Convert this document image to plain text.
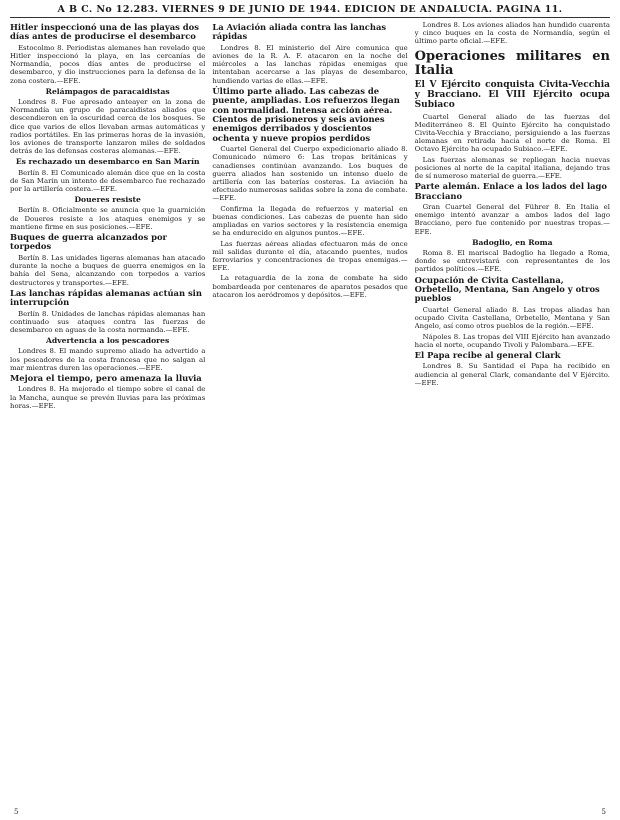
A B C. No 12.283. VIERNES 9 DE JUNIO DE 1944. EDICIÓN DE ANDALUCÍA. PAGINA 11.
Hitler inspeccionó una de las playas dos días antes de producirse el desembarco

Estocolmo 8. Periodistas alemanes han revelado que Hitler inspeccionó la playa, en las cercanías de Normandía, pocos días antes de producirse el desembarco, y dio instrucciones para la defensa de la zona costera.—EFE.

Relámpagos de paracaidistas

Londres 8. Fue apresado anteayer en la zona de Normandía un grupo de paracaidistas aliados que descendieron en la oscuridad cerca de los bosques. Se dice que varios de ellos llevaban armas automáticas y radios portátiles. En las primeras horas de la invasión, los aviones de transporte lanzaron miles de soldados detrás de las defensas costeras alemanas.—EFE.

Es rechazado un desembarco en San Marín

Berlín 8. El Comunicado alemán dice que en la costa de San Marín un intento de desembarco fue rechazado por la artillería costera.—EFE.

Doueres resiste

Berlín 8. Oficialmente se anuncia que la guarnición de Doueres resiste a los ataques enemigos y se mantiene firme en sus posiciones.—EFE.

Buques de guerra alcanzados por torpedos

Berlín 8. Las unidades ligeras alemanas han atacado durante la noche a buques de guerra enemigos en la bahía del Sena, alcanzando con torpedos a varios destructores y transportes.—EFE.

Las lanchas rápidas alemanas actúan sin interrupción

Berlín 8. Unidades de lanchas rápidas alemanas han continuado sus ataques contra las fuerzas de desembarco en aguas de la costa normanda.—EFE.

Advertencia a los pescadores

Londres 8. El mando supremo aliado ha advertido a los pescadores de la costa francesa que no salgan al mar mientras duren las operaciones.—EFE.

Mejora el tiempo, pero amenaza la lluvia

Londres 8. Ha mejorado el tiempo sobre el canal de la Mancha, aunque se prevén lluvias para las próximas horas.—EFE.

La Aviación aliada contra las lanchas rápidas

Londres 8. El ministerio del Aire comunica que aviones de la R. A. F. atacaron en la noche del miércoles a las lanchas rápidas enemigas que intentaban acercarse a las playas de desembarco, hundiendo varias de ellas.—EFE.

Último parte aliado. Las cabezas de puente, ampliadas. Los refuerzos llegan con normalidad. Intensa acción aérea. Cientos de prisioneros y seis aviones enemigos derribados y doscientos ochenta y nueve propios perdidos

Cuartel General del Cuerpo expedicionario aliado 8. Comunicado número 6: Las tropas británicas y canadienses continúan avanzando. Los buques de guerra aliados han sostenido un intenso duelo de artillería con las baterías costeras. La aviación ha efectuado numerosas salidas sobre la zona de combate.—EFE.

Confirma la llegada de refuerzos y material en buenas condiciones. Las cabezas de puente han sido ampliadas en varios sectores y la resistencia enemiga se ha endurecido en algunos puntos.—EFE.

Las fuerzas aéreas aliadas efectuaron más de once mil salidas durante el día, atacando puentes, nudos ferroviarios y concentraciones de tropas enemigas.—EFE.

La retaguardia de la zona de combate ha sido bombardeada por centenares de aparatos pesados que atacaron los aeródromos y depósitos.—EFE.

Londres 8. Los aviones aliados han hundido cuarenta y cinco buques en la costa de Normandía, según el último parte oficial.—EFE.

Operaciones militares en Italia
El V Ejército conquista Civita-Vecchia y Bracciano. El VIII Ejército ocupa Subiaco

Cuartel General aliado de las fuerzas del Mediterráneo 8. El Quinto Ejército ha conquistado Civita-Vecchia y Bracciano, persiguiendo a las fuerzas alemanas en retirada hacia el norte de Roma. El Octavo Ejército ha ocupado Subiaco.—EFE.

Las fuerzas alemanas se repliegan hacia nuevas posiciones al norte de la capital italiana, dejando tras de sí numeroso material de guerra.—EFE.

Parte alemán. Enlace a los lados del lago Bracciano

Gran Cuartel General del Führer 8. En Italia el enemigo intentó avanzar a ambos lados del lago Bracciano, pero fue contenido por nuestras tropas.—EFE.

Badoglio, en Roma

Roma 8. El mariscal Badoglio ha llegado a Roma, donde se entrevistará con representantes de los partidos políticos.—EFE.

Ocupación de Civita Castellana, Orbetello, Mentana, San Angelo y otros pueblos

Cuartel General aliado 8. Las tropas aliadas han ocupado Civita Castellana, Orbetello, Mentana y San Angelo, así como otros pueblos de la región.—EFE.

Nápoles 8. Las tropas del VIII Ejército han avanzado hacia el norte, ocupando Tivoli y Palombara.—EFE.

El Papa recibe al general Clark

Londres 8. Su Santidad el Papa ha recibido en audiencia al general Clark, comandante del V Ejército.—EFE.

5	5
